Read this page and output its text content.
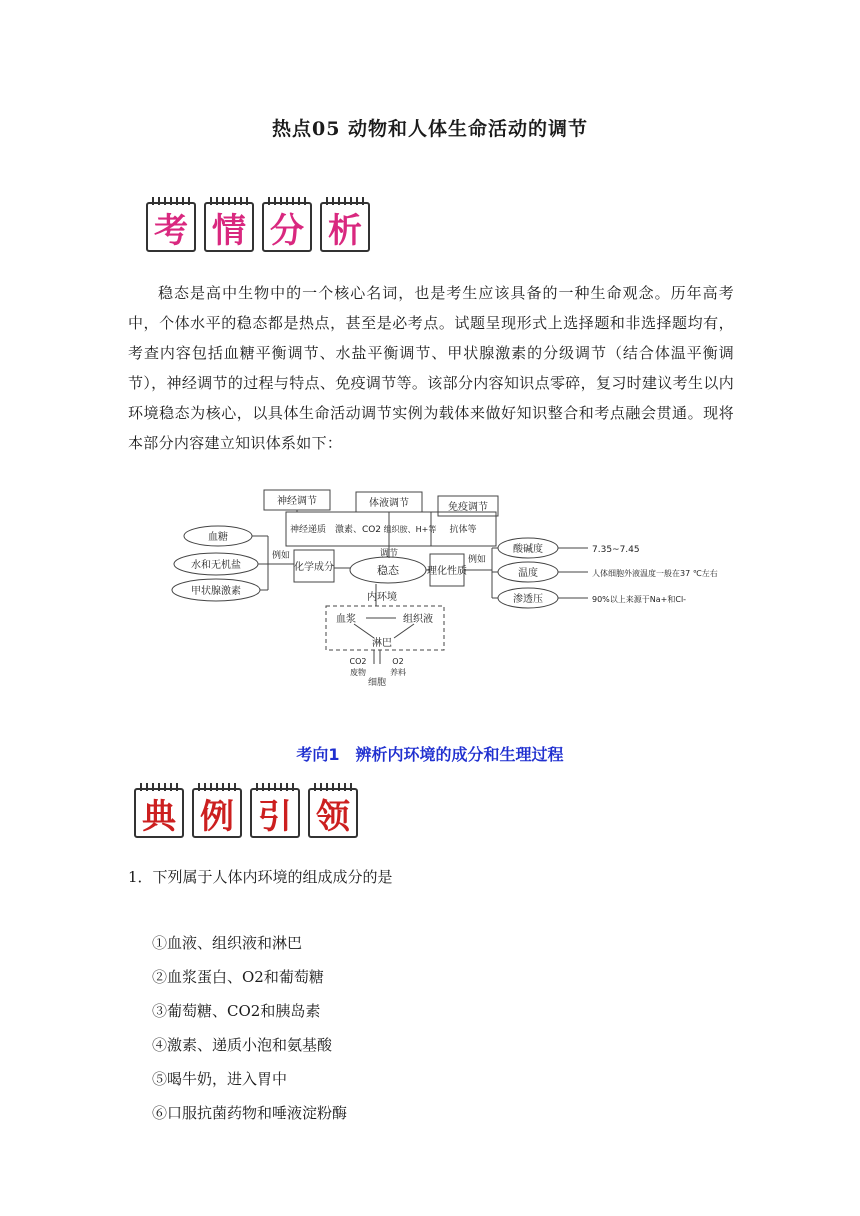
热点05 动物和人体生命活动的调节
考 情 分 析
稳态是高中生物中的一个核心名词，也是考生应该具备的一种生命观念。历年高考中，个体水平的稳态都是热点，甚至是必考点。试题呈现形式上选择题和非选择题均有，考查内容包括血糖平衡调节、水盐平衡调节、甲状腺激素的分级调节（结合体温平衡调节），神经调节的过程与特点、免疫调节等。该部分内容知识点零碎，复习时建议考生以内环境稳态为核心，以具体生命活动调节实例为载体来做好知识整合和考点融会贯通。现将本部分内容建立知识体系如下：
神经调节	体液调节	免疫调节
神经递质 激素、CO2 组织胺、H+等 抗体等
调节
血糖
水和无机盐
甲状腺激素
例如
化学成分	稳态	理化性质
例如
酸碱度
温度
渗透压
7.35~7.45
人体细胞外液温度一般在37 ℃左右
90%以上来源于Na+和Cl-
内环境
血浆	组织液
淋巴
CO2
废物
O2
养料
细胞
考向1　辨析内环境的成分和生理过程
典 例 引 领
1．下列属于人体内环境的组成成分的是
①血液、组织液和淋巴
②血浆蛋白、O2和葡萄糖
③葡萄糖、CO2和胰岛素
④激素、递质小泡和氨基酸
⑤喝牛奶，进入胃中
⑥口服抗菌药物和唾液淀粉酶
